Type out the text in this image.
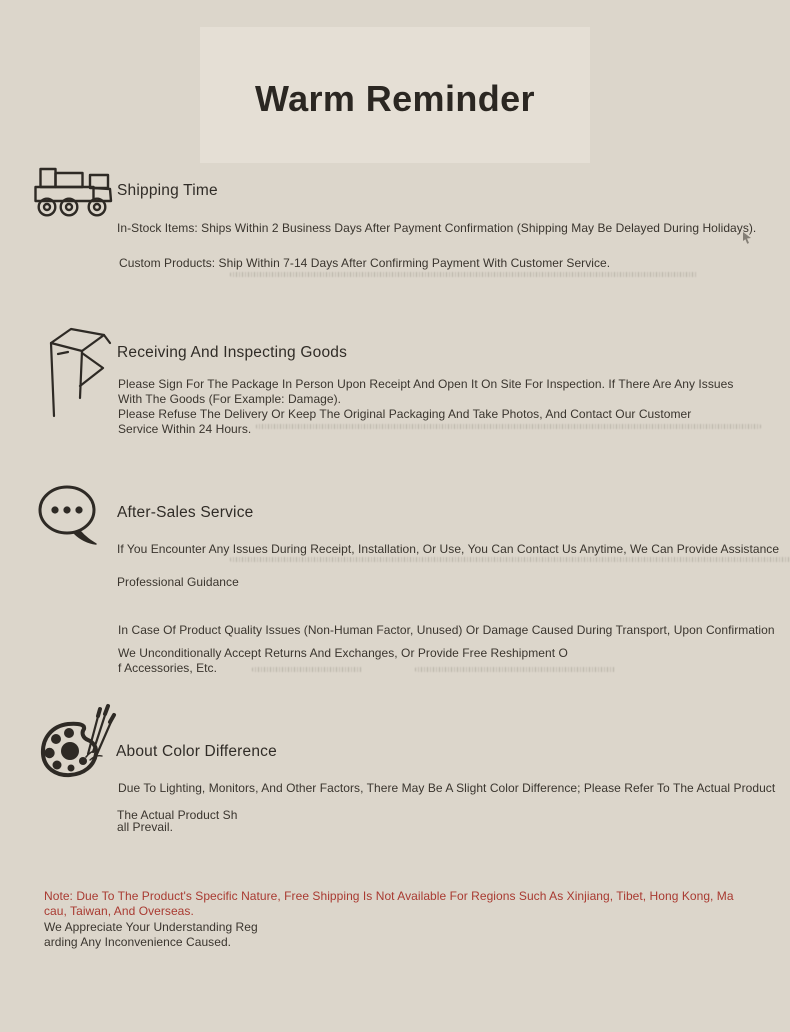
Warm Reminder
Shipping Time
In-Stock Items: Ships Within 2 Business Days After Payment Confirmation (Shipping May Be Delayed During Holidays).
Custom Products: Ship Within 7-14 Days After Confirming Payment With Customer Service.
Receiving And Inspecting Goods
Please Sign For The Package In Person Upon Receipt And Open It On Site For Inspection. If There Are Any Issues
With The Goods (For Example: Damage).
Please Refuse The Delivery Or Keep The Original Packaging And Take Photos, And Contact Our Customer
Service Within 24 Hours.
After-Sales Service
If You Encounter Any Issues During Receipt, Installation, Or Use, You Can Contact Us Anytime, We Can Provide Assistance
Professional Guidance
In Case Of Product Quality Issues (Non-Human Factor, Unused) Or Damage Caused During Transport, Upon Confirmation
We Unconditionally Accept Returns And Exchanges, Or Provide Free Reshipment O
f Accessories, Etc.
About Color Difference
Due To Lighting, Monitors, And Other Factors, There May Be A Slight Color Difference; Please Refer To The Actual Product
The Actual Product Sh
all Prevail.
Note: Due To The Product's Specific Nature, Free Shipping Is Not Available For Regions Such As Xinjiang, Tibet, Hong Kong, Ma
cau, Taiwan, And Overseas.
We Appreciate Your Understanding Reg
arding Any Inconvenience Caused.
